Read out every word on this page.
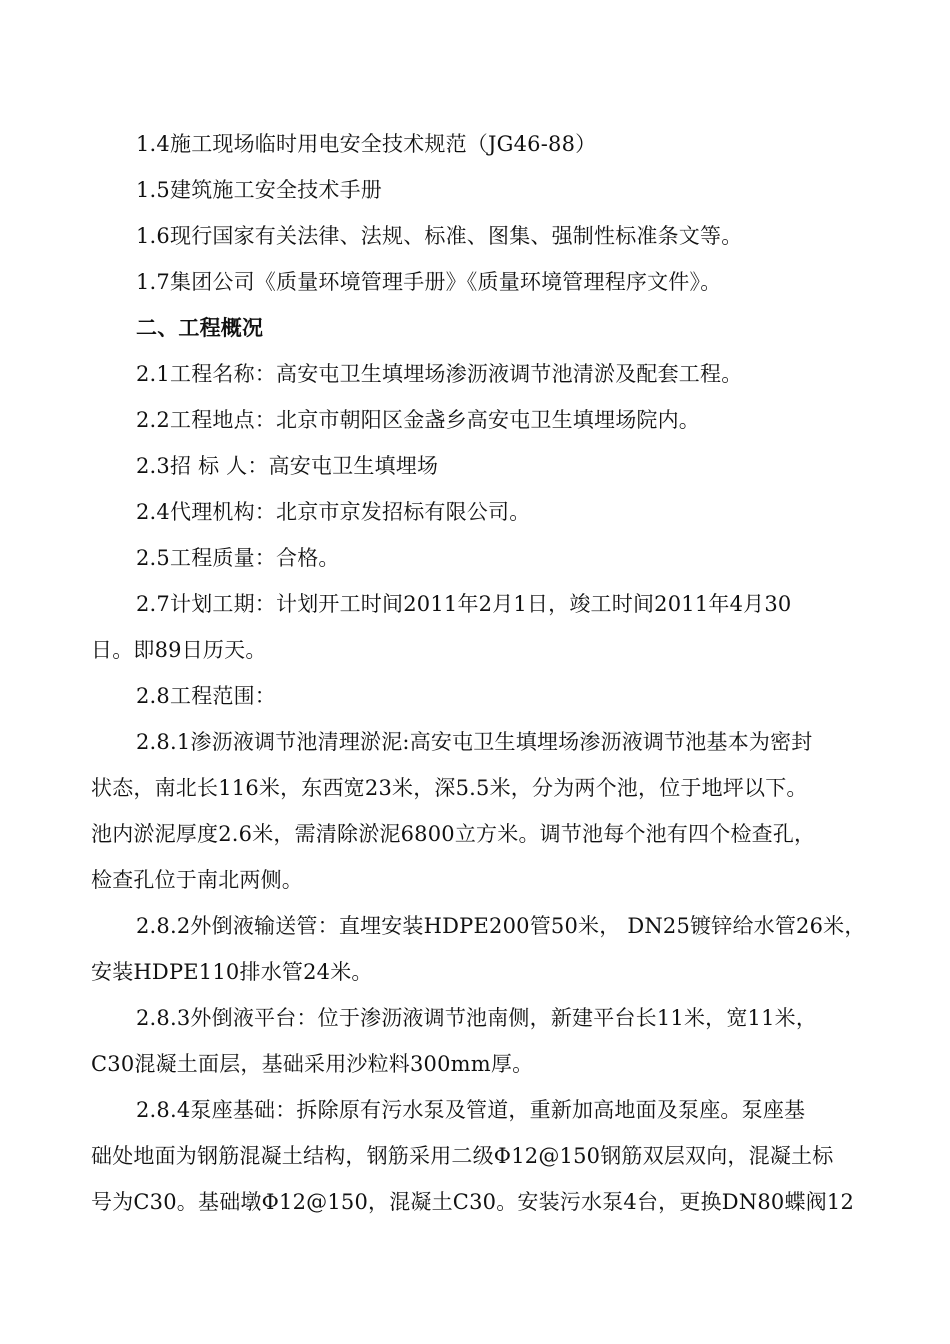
1.4施工现场临时用电安全技术规范（JG46-88）
1.5建筑施工安全技术手册
1.6现行国家有关法律、法规、标准、图集、强制性标准条文等。
1.7集团公司《质量环境管理手册》《质量环境管理程序文件》。
二、工程概况
2.1工程名称：高安屯卫生填埋场渗沥液调节池清淤及配套工程。
2.2工程地点：北京市朝阳区金盏乡高安屯卫生填埋场院内。
2.3招 标 人：高安屯卫生填埋场
2.4代理机构：北京市京发招标有限公司。
2.5工程质量：合格。
2.7计划工期：计划开工时间2011年2月1日，竣工时间2011年4月30
日。即89日历天。
2.8工程范围：
2.8.1渗沥液调节池清理淤泥:高安屯卫生填埋场渗沥液调节池基本为密封
状态，南北长116米，东西宽23米，深5.5米，分为两个池，位于地坪以下。
池内淤泥厚度2.6米，需清除淤泥6800立方米。调节池每个池有四个检查孔，
检查孔位于南北两侧。
2.8.2外倒液输送管：直埋安装HDPE200管50米， DN25镀锌给水管26米，
安装HDPE110排水管24米。
2.8.3外倒液平台：位于渗沥液调节池南侧，新建平台长11米，宽11米，
C30混凝土面层，基础采用沙粒料300mm厚。
2.8.4泵座基础：拆除原有污水泵及管道，重新加高地面及泵座。泵座基
础处地面为钢筋混凝土结构，钢筋采用二级Φ12@150钢筋双层双向，混凝土标
号为C30。基础墩Φ12@150，混凝土C30。安装污水泵4台，更换DN80蝶阀12
